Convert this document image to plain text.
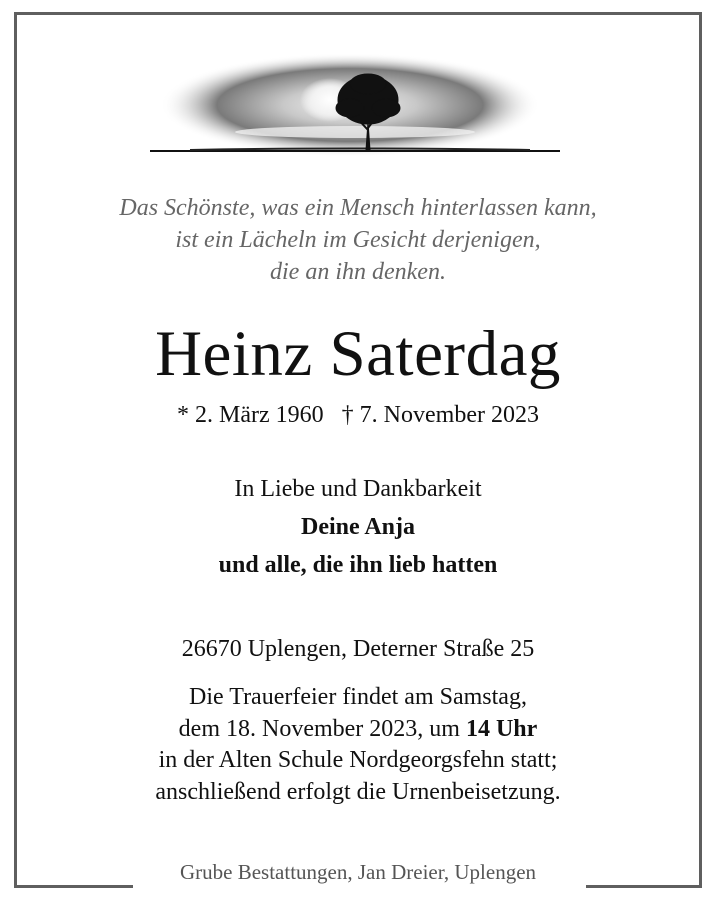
Das Schönste, was ein Mensch hinterlassen kann,
ist ein Lächeln im Gesicht derjenigen,
die an ihn denken.
Heinz Saterdag
* 2. März 1960 † 7. November 2023
In Liebe und Dankbarkeit
Deine Anja
und alle, die ihn lieb hatten
26670 Uplengen, Deterner Straße 25
Die Trauerfeier findet am Samstag,
dem 18. November 2023, um 14 Uhr
in der Alten Schule Nordgeorgsfehn statt;
anschließend erfolgt die Urnenbeisetzung.
Grube Bestattungen, Jan Dreier, Uplengen
